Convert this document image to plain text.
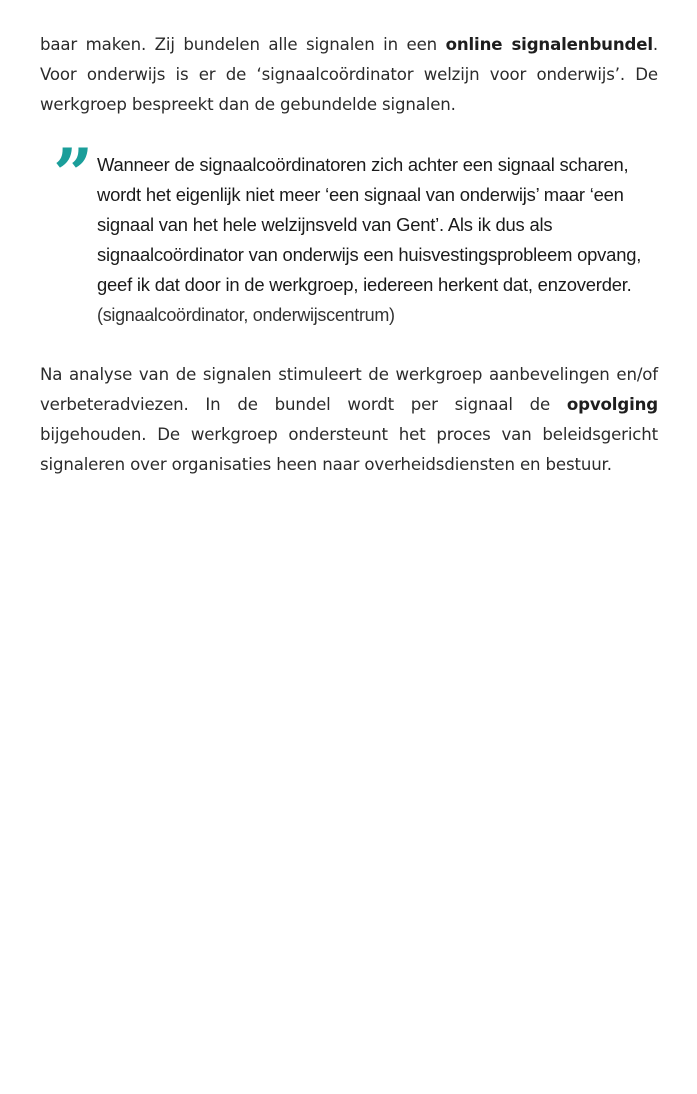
baar maken. Zij bundelen alle signalen in een online signalenbundel. Voor onderwijs is er de ‘signaalcoördinator welzijn voor onderwijs’. De werkgroep bespreekt dan de gebundelde signalen.

” Wanneer de signaalcoördinatoren zich achter een signaal scharen, wordt het eigenlijk niet meer ‘een signaal van onderwijs’ maar ‘een signaal van het hele welzijnsveld van Gent’. Als ik dus als signaalcoördinator van onderwijs een huisvestingsprobleem opvang, geef ik dat door in de werkgroep, iedereen herkent dat, enzoverder.

(signaalcoördinator, onderwijscentrum)

Na analyse van de signalen stimuleert de werkgroep aanbevelingen en/of verbeteradviezen. In de bundel wordt per signaal de opvolging bijgehouden. De werkgroep ondersteunt het proces van beleidsgericht signaleren over organisaties heen naar overheidsdiensten en bestuur.
